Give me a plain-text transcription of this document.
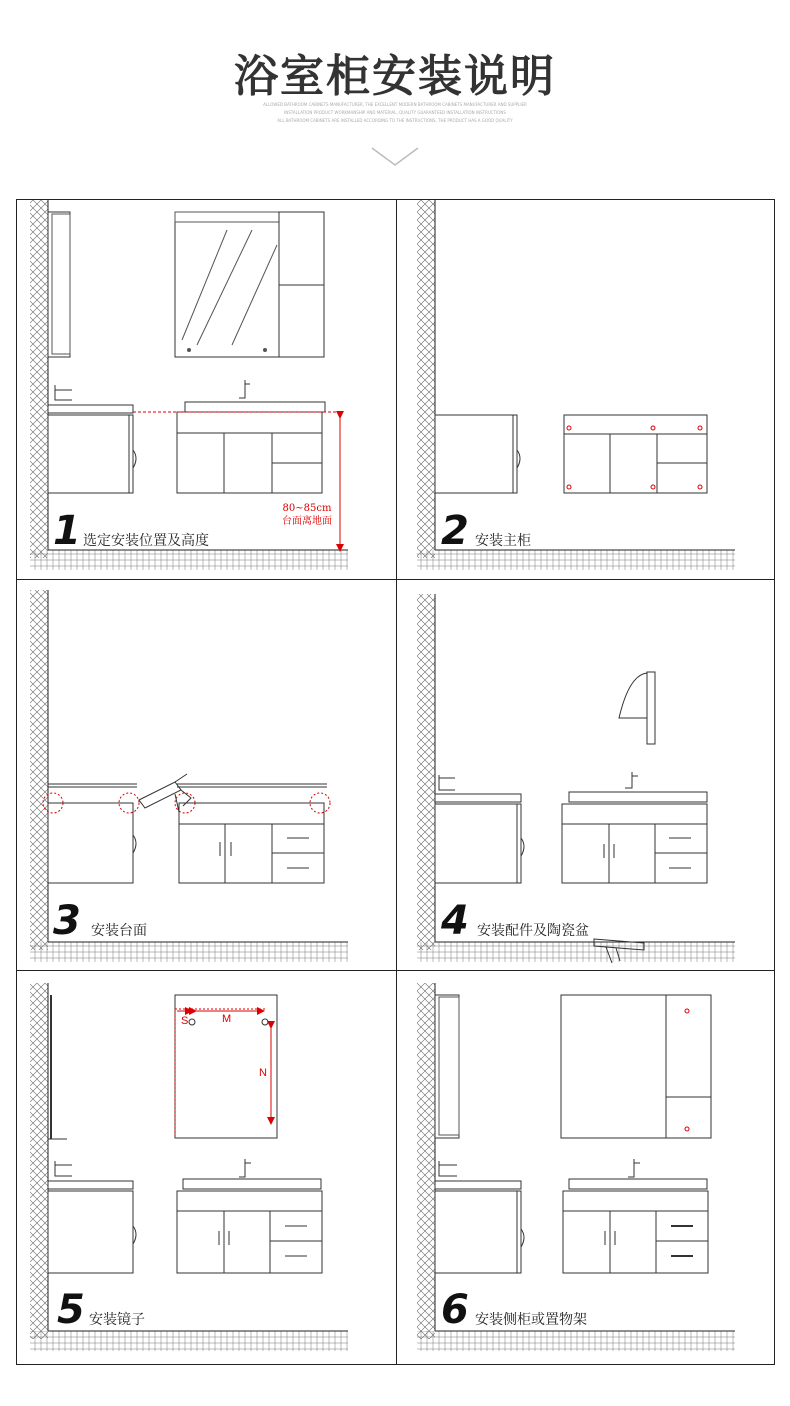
浴室柜安装说明
ALLOWED BATHROOM CABINETS MANUFACTURER, THE EXCELLENT MODERN BATHROOM CABINETS MANUFACTURER AND SUPPLIER
INSTALLATION PRODUCT WORKMANSHIP AND MATERIAL, QUALITY GUARANTEED INSTALLATION INSTRUCTIONS
ALL BATHROOM CABINETS ARE INSTALLED ACCORDING TO THE INSTRUCTIONS, THE PRODUCT HAS A GOOD QUALITY
80~85cm
台面离地面
1 选定安装位置及高度	2 安装主柜
3 安装台面	4 安装配件及陶瓷盆
S	M
N
5 安装镜子	6 安装侧柜或置物架
